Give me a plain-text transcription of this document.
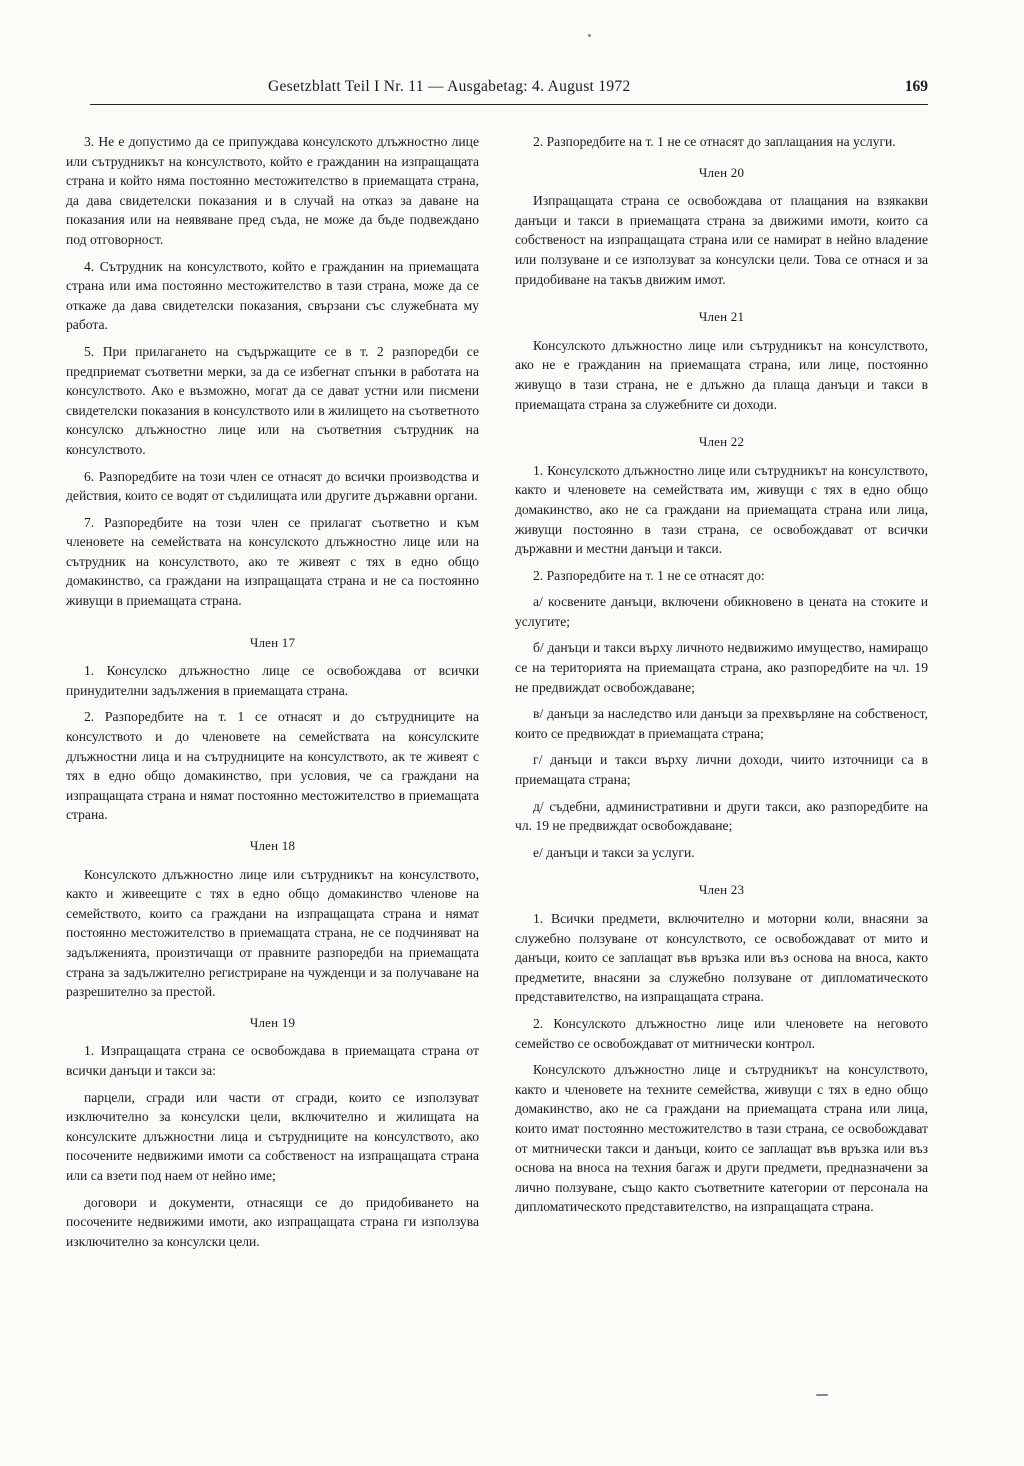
Gesetzblatt Teil I Nr. 11 — Ausgabetag: 4. August 1972	169

3. Не е допустимо да се припуждава консулското длъжностно лице или сътрудникът на консулството, който е гражданин на изпращащата страна и който няма постоянно местожителство в приемащата страна, да дава свидетелски показания и в случай на отказ за даване на показания или на неявяване пред съда, не може да бъде подвеждано под отговорност.

4. Сътрудник на консулството, който е гражданин на приемащата страна или има постоянно местожителство в тази страна, може да се откаже да дава свидетелски показания, свързани със служебната му работа.

5. При прилагането на съдържащите се в т. 2 разпоредби се предприемат съответни мерки, за да се избегнат спънки в работата на консулството. Ако е възможно, могат да се дават устни или писмени свидетелски показания в консулството или в жилището на съответното консулско длъжностно лице или на съответния сътрудник на консулството.

6. Разпоредбите на този член се отнасят до всички производства и действия, които се водят от съдилищата или другите държавни органи.

7. Разпоредбите на този член се прилагат съответно и към членовете на семействата на консулското длъжностно лице или на сътрудник на консулството, ако те живеят с тях в едно общо домакинство, са граждани на изпращащата страна и не са постоянно живущи в приемащата страна.

Член 17

1. Консулско длъжностно лице се освобождава от всички принудителни задължения в приемащата страна.

2. Разпоредбите на т. 1 се отнасят и до сътрудниците на консулството и до членовете на семействата на консулските длъжностни лица и на сътрудниците на консулството, ак те живеят с тях в едно общо домакинство, при условия, че са граждани на изпращащата страна и нямат постоянно местожителство в приемащата страна.

Член 18

Консулското длъжностно лице или сътрудникът на консулството, както и живеещите с тях в едно общо домакинство членове на семейството, които са граждани на изпращащата страна и нямат постоянно местожителство в приемащата страна, не се подчиняват на задълженията, произтичащи от правните разпоредби на приемащата страна за задължително регистриране на чужденци и за получаване на разрешително за престой.

Член 19

1. Изпращащата страна се освобождава в приемащата страна от всички данъци и такси за:

парцели, сгради или части от сгради, които се използуват изключително за консулски цели, включително и жилищата на консулските длъжностни лица и сътрудниците на консулството, ако посочените недвижими имоти са собственост на изпращащата страна или са взети под наем от нейно име;

договори и документи, отнасящи се до придобиването на посочените недвижими имоти, ако изпращащата страна ги използува изключително за консулски цели.

2. Разпоредбите на т. 1 не се отнасят до заплащания на услуги.

Член 20

Изпращащата страна се освобождава от плащания на взякакви данъци и такси в приемащата страна за движими имоти, които са собственост на изпращащата страна или се намират в нейно владение или ползуване и се използуват за консулски цели. Това се отнася и за придобиване на такъв движим имот.

Член 21

Консулското длъжностно лице или сътрудникът на консулството, ако не е гражданин на приемащата страна, или лице, постоянно живущо в тази страна, не е длъжно да плаща данъци и такси в приемащата страна за служебните си доходи.

Член 22

1. Консулското длъжностно лице или сътрудникът на консулството, както и членовете на семействата им, живущи с тях в едно общо домакинство, ако не са граждани на приемащата страна или лица, живущи постоянно в тази страна, се освобождават от всички държавни и местни данъци и такси.

2. Разпоредбите на т. 1 не се отнасят до:

а/ косвените данъци, включени обикновено в цената на стоките и услугите;

б/ данъци и такси върху личното недвижимо имущество, намиращо се на територията на приемащата страна, ако разпоредбите на чл. 19 не предвиждат освобождаване;

в/ данъци за наследство или данъци за прехвърляне на собственост, които се предвиждат в приемащата страна;

г/ данъци и такси върху лични доходи, чиито източници са в приемащата страна;

д/ съдебни, административни и други такси, ако разпоредбите на чл. 19 не предвиждат освобождаване;

е/ данъци и такси за услуги.

Член 23

1. Всички предмети, включително и моторни коли, внасяни за служебно ползуване от консулството, се освобождават от мито и данъци, които се заплащат във връзка или въз основа на вноса, както предметите, внасяни за служебно ползуване от дипломатическото представителство, на изпращащата страна.

2. Консулското длъжностно лице или членовете на неговото семейство се освобождават от митнически контрол.

Консулското длъжностно лице и сътрудникът на консулството, както и членовете на техните семейства, живущи с тях в едно общо домакинство, ако не са граждани на приемащата страна или лица, които имат постоянно местожителство в тази страна, се освобождават от митнически такси и данъци, които се заплащат във връзка или въз основа на вноса на техния багаж и други предмети, предназначени за лично ползуване, също както съответните категории от персонала на дипломатическото представителство, на изпращащата страна.
